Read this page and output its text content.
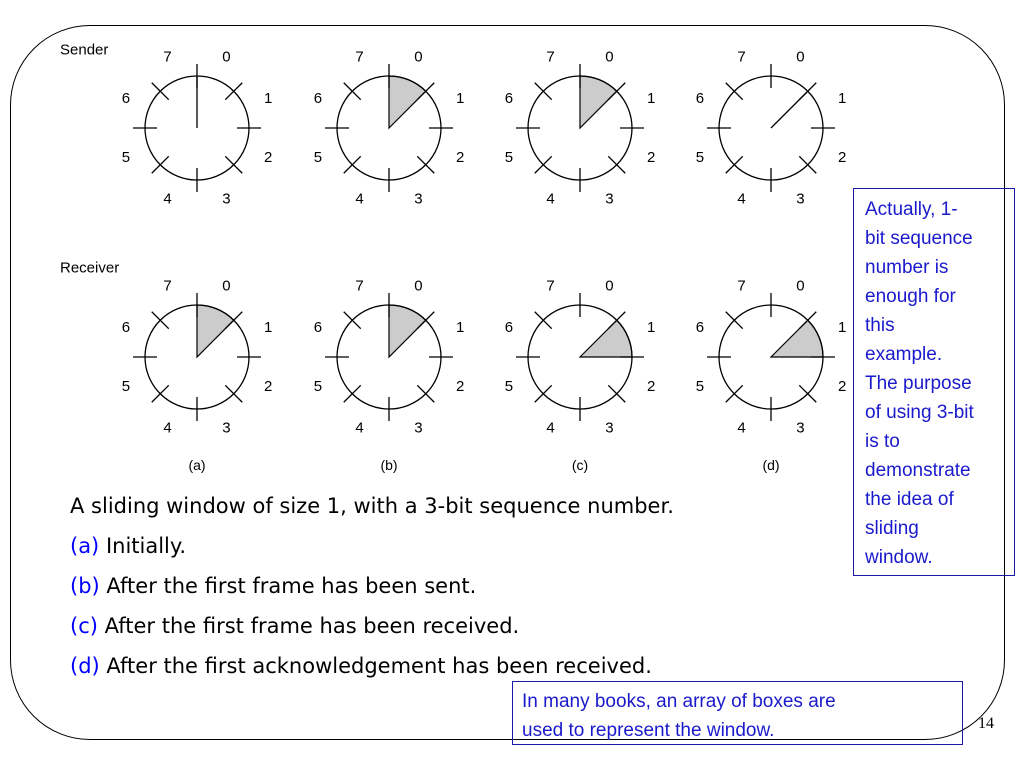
Sender
Receiver
0
1
2
3
4
5
6
7
0
1
2
3
4
5
6
7
(a)
0
1
2
3
4
5
6
7
0
1
2
3
4
5
6
7
(b)
0
1
2
3
4
5
6
7
0
1
2
3
4
5
6
7
(c)
0
1
2
3
4
5
6
7
0
1
2
3
4
5
6
7
(d)
A sliding window of size 1, with a 3-bit sequence number.
(a) Initially.
(b) After the first frame has been sent.
(c) After the first frame has been received.
(d) After the first acknowledgement has been received.
Actually, 1-
bit sequence
number is
enough for
this
example.
The purpose
of using 3-bit
is to
demonstrate
the idea of
sliding
window.
In many books, an array of boxes are
used to represent the window.	14
